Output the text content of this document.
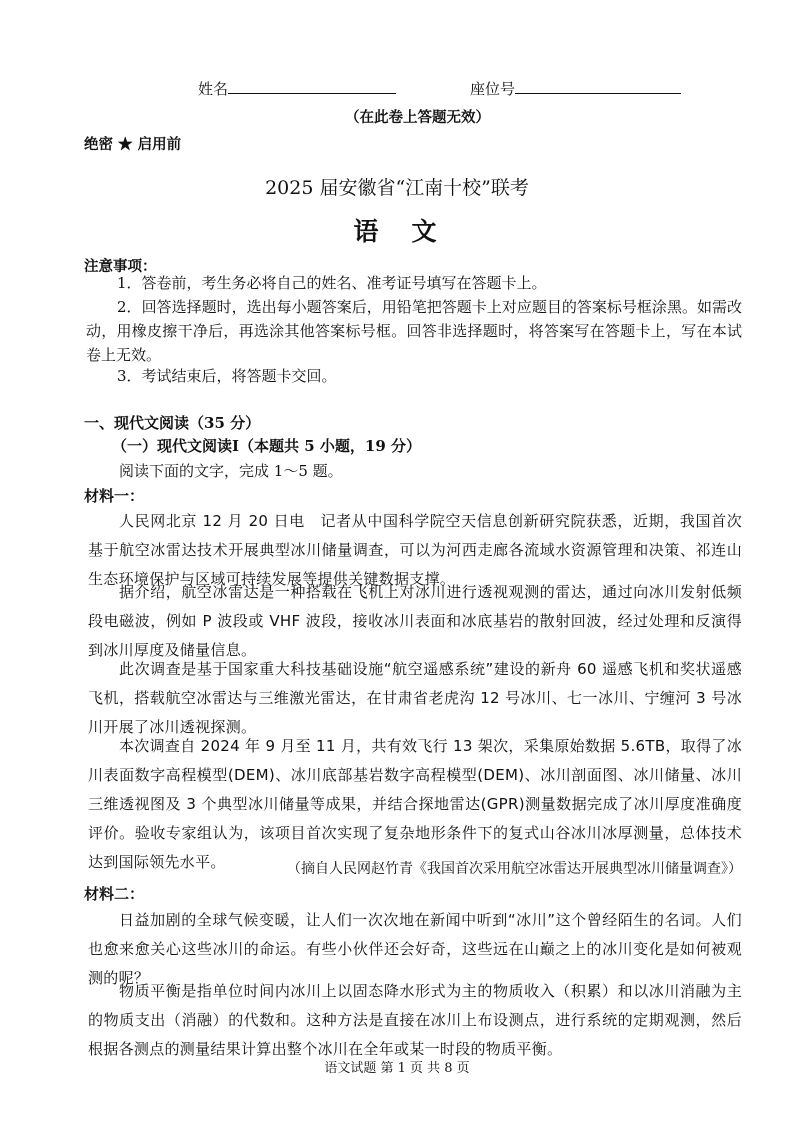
姓名	座位号
（在此卷上答题无效）
绝密 ★ 启用前
2025 届安徽省“江南十校”联考
语　文
注意事项：
1．答卷前，考生务必将自己的姓名、准考证号填写在答题卡上。
2．回答选择题时，选出每小题答案后，用铅笔把答题卡上对应题目的答案标号框涂黑。如需改动，用橡皮擦干净后，再选涂其他答案标号框。回答非选择题时，将答案写在答题卡上，写在本试卷上无效。
3．考试结束后，将答题卡交回。
一、现代文阅读（35 分）
（一）现代文阅读Ⅰ（本题共 5 小题，19 分）
阅读下面的文字，完成 1～5 题。
材料一：
人民网北京 12 月 20 日电　记者从中国科学院空天信息创新研究院获悉，近期，我国首次基于航空冰雷达技术开展典型冰川储量调查，可以为河西走廊各流域水资源管理和决策、祁连山生态环境保护与区域可持续发展等提供关键数据支撑。
据介绍，航空冰雷达是一种搭载在飞机上对冰川进行透视观测的雷达，通过向冰川发射低频段电磁波，例如 P 波段或 VHF 波段，接收冰川表面和冰底基岩的散射回波，经过处理和反演得到冰川厚度及储量信息。
此次调查是基于国家重大科技基础设施“航空遥感系统”建设的新舟 60 遥感飞机和奖状遥感飞机，搭载航空冰雷达与三维激光雷达，在甘肃省老虎沟 12 号冰川、七一冰川、宁缠河 3 号冰川开展了冰川透视探测。
本次调查自 2024 年 9 月至 11 月，共有效飞行 13 架次，采集原始数据 5.6TB，取得了冰川表面数字高程模型(DEM)、冰川底部基岩数字高程模型(DEM)、冰川剖面图、冰川储量、冰川三维透视图及 3 个典型冰川储量等成果，并结合探地雷达(GPR)测量数据完成了冰川厚度准确度评价。验收专家组认为，该项目首次实现了复杂地形条件下的复式山谷冰川冰厚测量，总体技术达到国际领先水平。	（摘自人民网赵竹青《我国首次采用航空冰雷达开展典型冰川储量调查》）
材料二：
日益加剧的全球气候变暖，让人们一次次地在新闻中听到“冰川”这个曾经陌生的名词。人们也愈来愈关心这些冰川的命运。有些小伙伴还会好奇，这些远在山巅之上的冰川变化是如何被观测的呢？
物质平衡是指单位时间内冰川上以固态降水形式为主的物质收入（积累）和以冰川消融为主的物质支出（消融）的代数和。这种方法是直接在冰川上布设测点，进行系统的定期观测，然后根据各测点的测量结果计算出整个冰川在全年或某一时段的物质平衡。
语文试题 第 1 页 共 8 页
